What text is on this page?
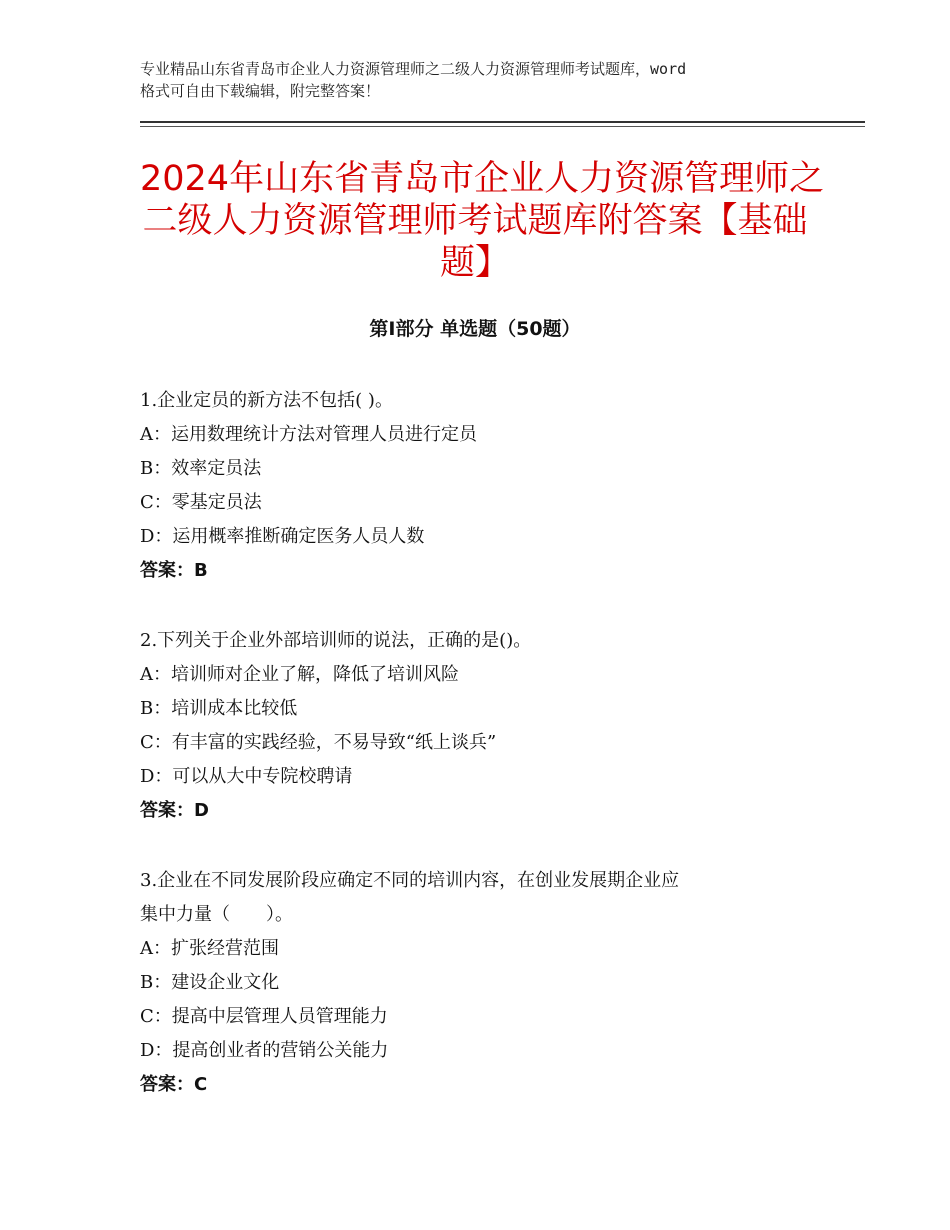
专业精品山东省青岛市企业人力资源管理师之二级人力资源管理师考试题库，word
格式可自由下载编辑，附完整答案！
2024年山东省青岛市企业人力资源管理师之
二级人力资源管理师考试题库附答案【基础
题】
第Ⅰ部分 单选题（50题）
1.企业定员的新方法不包括( )。
A：运用数理统计方法对管理人员进行定员
B：效率定员法
C：零基定员法
D：运用概率推断确定医务人员人数
答案：B
2.下列关于企业外部培训师的说法，正确的是()。
A：培训师对企业了解，降低了培训风险
B：培训成本比较低
C：有丰富的实践经验，不易导致“纸上谈兵”
D：可以从大中专院校聘请
答案：D
3.企业在不同发展阶段应确定不同的培训内容，在创业发展期企业应
集中力量（　　）。
A：扩张经营范围
B：建设企业文化
C：提高中层管理人员管理能力
D：提高创业者的营销公关能力
答案：C
